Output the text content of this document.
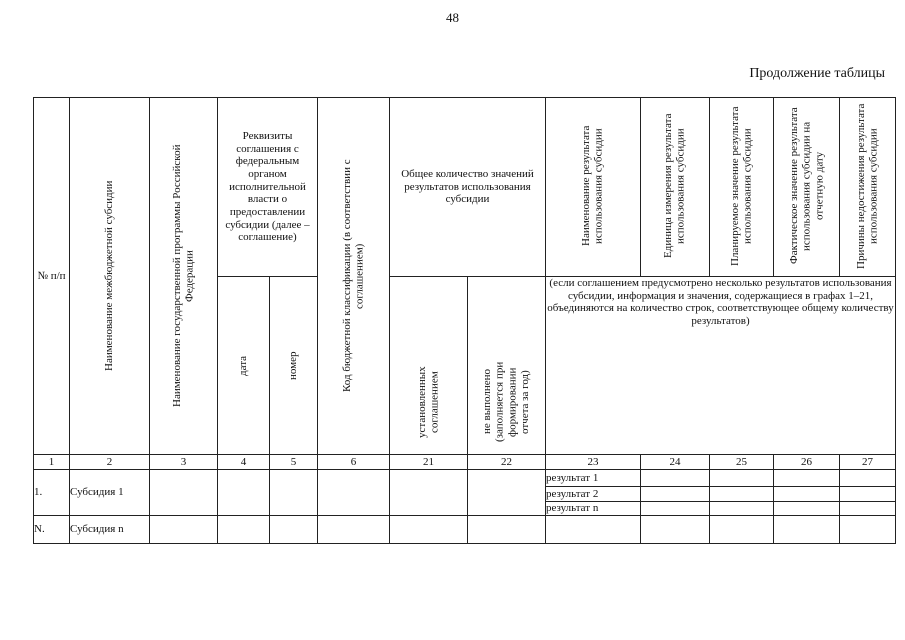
48
Продолжение таблицы
№ п/п	Наименование межбюджетной субсидии	Наименование государственной программы Российской Федерации	Реквизиты соглашения с федеральным органом исполнительной власти о предоставлении субсидии (далее – соглашение)		Код бюджетной классификации (в соответствии с соглашением)	Общее количество значений результатов использования субсидии		Наименование результата использования субсидии	Единица измерения результата использования субсидии	Планируемое значение результата использования субсидии	Фактическое значение результата использования субсидии на отчетную дату	Причины недостижения результата использования субсидии

			дата	номер		установленных соглашением	не выполнено (заполняется при формировании отчета за год)	(если соглашением предусмотрено несколько результатов использования субсидии, информация и значения, содержащиеся в графах 1–21, объединяются на количество строк, соответствующее общему количеству результатов)				

1	2	3	4	5	6	21	22	23	24	25	26	27
1.	Субсидия 1							результат 1				
								результат 2				
								результат n				
N.	Субсидия n											
